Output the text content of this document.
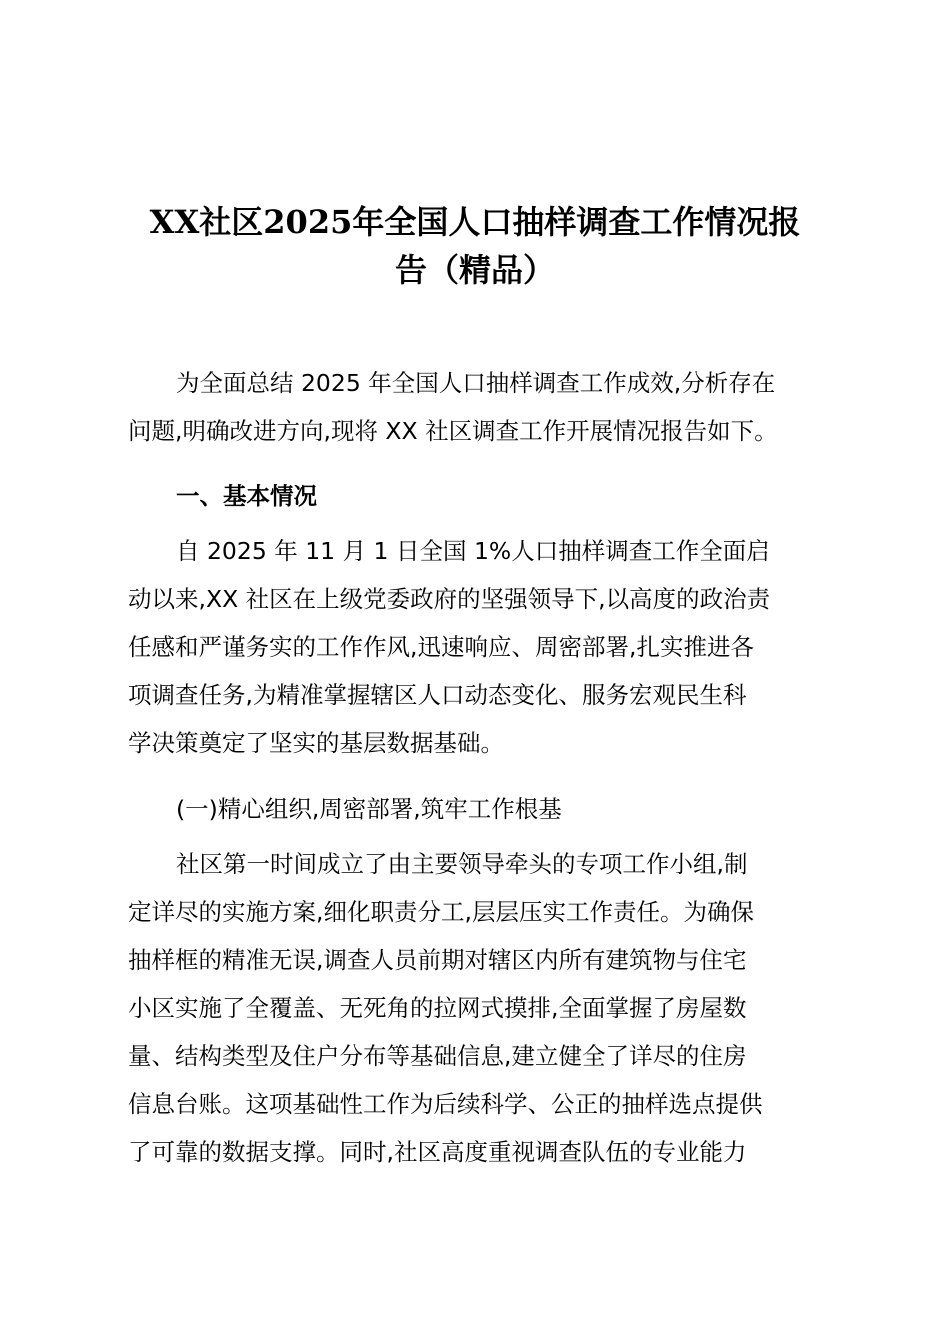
XX社区2025年全国人口抽样调查工作情况报
告（精品）

为全面总结 2025 年全国人口抽样调查工作成效,分析存在
问题,明确改进方向,现将 XX 社区调查工作开展情况报告如下。

一、基本情况

自 2025 年 11 月 1 日全国 1%人口抽样调查工作全面启
动以来,XX 社区在上级党委政府的坚强领导下,以高度的政治责
任感和严谨务实的工作作风,迅速响应、周密部署,扎实推进各
项调查任务,为精准掌握辖区人口动态变化、服务宏观民生科
学决策奠定了坚实的基层数据基础。

(一)精心组织,周密部署,筑牢工作根基

社区第一时间成立了由主要领导牵头的专项工作小组,制
定详尽的实施方案,细化职责分工,层层压实工作责任。为确保
抽样框的精准无误,调查人员前期对辖区内所有建筑物与住宅
小区实施了全覆盖、无死角的拉网式摸排,全面掌握了房屋数
量、结构类型及住户分布等基础信息,建立健全了详尽的住房
信息台账。这项基础性工作为后续科学、公正的抽样选点提供
了可靠的数据支撑。同时,社区高度重视调查队伍的专业能力
